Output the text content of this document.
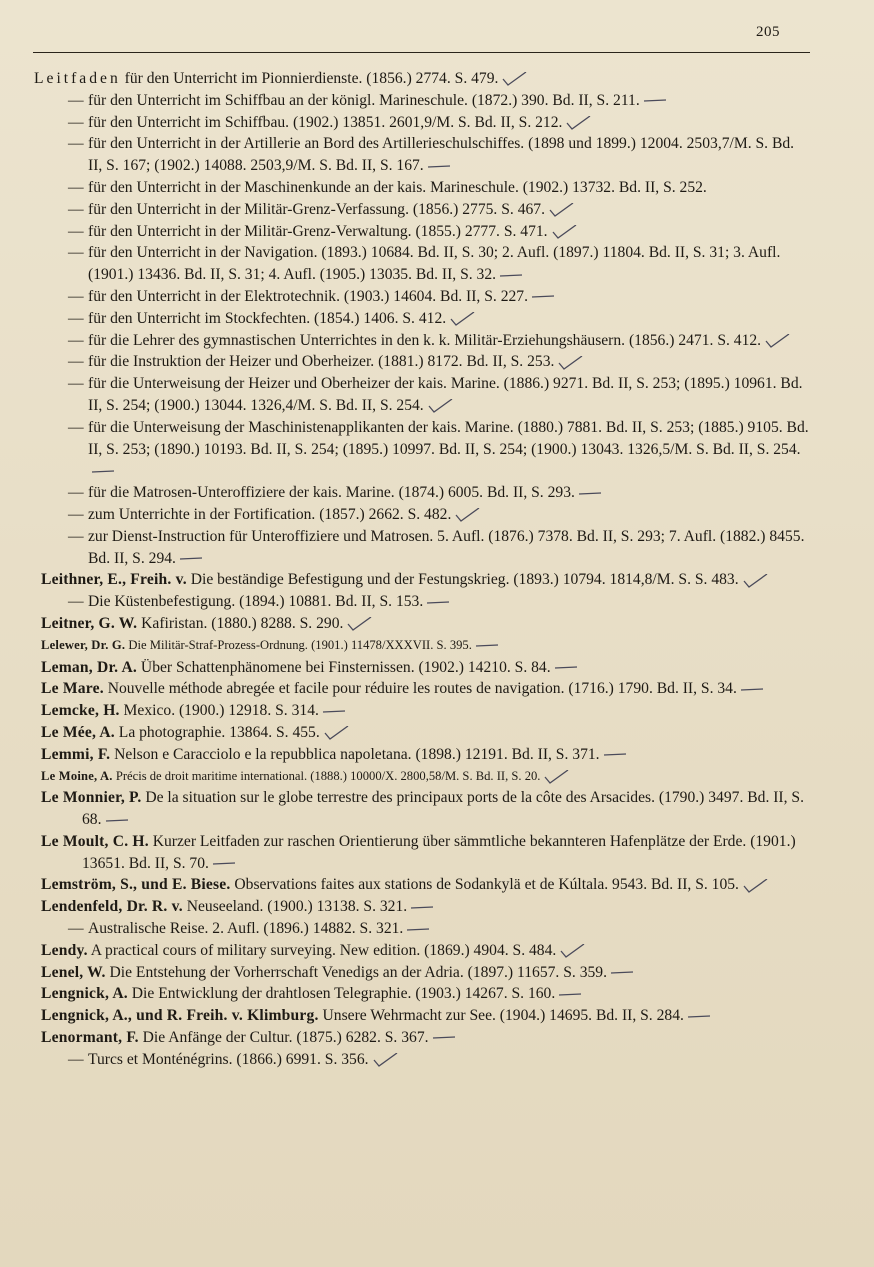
205
Leitfaden für den Unterricht im Pionnierdienste. (1856.) 2774. S. 479.
— für den Unterricht im Schiffbau an der königl. Marineschule. (1872.) 390. Bd. II, S. 211.
— für den Unterricht im Schiffbau. (1902.) 13851. 2601,9/M. S. Bd. II, S. 212.
— für den Unterricht in der Artillerie an Bord des Artillerieschulschiffes. (1898 und 1899.) 12004. 2503,7/M. S. Bd. II, S. 167; (1902.) 14088. 2503,9/M. S. Bd. II, S. 167.
— für den Unterricht in der Maschinenkunde an der kais. Marineschule. (1902.) 13732. Bd. II, S. 252.
— für den Unterricht in der Militär-Grenz-Verfassung. (1856.) 2775. S. 467.
— für den Unterricht in der Militär-Grenz-Verwaltung. (1855.) 2777. S. 471.
— für den Unterricht in der Navigation. (1893.) 10684. Bd. II, S. 30; 2. Aufl. (1897.) 11804. Bd. II, S. 31; 3. Aufl. (1901.) 13436. Bd. II, S. 31; 4. Aufl. (1905.) 13035. Bd. II, S. 32.
— für den Unterricht in der Elektrotechnik. (1903.) 14604. Bd. II, S. 227.
— für den Unterricht im Stockfechten. (1854.) 1406. S. 412.
— für die Lehrer des gymnastischen Unterrichtes in den k. k. Militär-Erziehungshäusern. (1856.) 2471. S. 412.
— für die Instruktion der Heizer und Oberheizer. (1881.) 8172. Bd. II, S. 253.
— für die Unterweisung der Heizer und Oberheizer der kais. Marine. (1886.) 9271. Bd. II, S. 253; (1895.) 10961. Bd. II, S. 254; (1900.) 13044. 1326,4/M. S. Bd. II, S. 254.
— für die Unterweisung der Maschinistenapplikanten der kais. Marine. (1880.) 7881. Bd. II, S. 253; (1885.) 9105. Bd. II, S. 253; (1890.) 10193. Bd. II, S. 254; (1895.) 10997. Bd. II, S. 254; (1900.) 13043. 1326,5/M. S. Bd. II, S. 254.
— für die Matrosen-Unteroffiziere der kais. Marine. (1874.) 6005. Bd. II, S. 293.
— zum Unterrichte in der Fortification. (1857.) 2662. S. 482.
— zur Dienst-Instruction für Unteroffiziere und Matrosen. 5. Aufl. (1876.) 7378. Bd. II, S. 293; 7. Aufl. (1882.) 8455. Bd. II, S. 294.
Leithner, E., Freih. v. Die beständige Befestigung und der Festungskrieg. (1893.) 10794. 1814,8/M. S. S. 483.
— Die Küstenbefestigung. (1894.) 10881. Bd. II, S. 153.
Leitner, G. W. Kafiristan. (1880.) 8288. S. 290.
Lelewer, Dr. G. Die Militär-Straf-Prozess-Ordnung. (1901.) 11478/XXXVII. S. 395.
Leman, Dr. A. Über Schattenphänomene bei Finsternissen. (1902.) 14210. S. 84.
Le Mare. Nouvelle méthode abregée et facile pour réduire les routes de navigation. (1716.) 1790. Bd. II, S. 34.
Lemcke, H. Mexico. (1900.) 12918. S. 314.
Le Mée, A. La photographie. 13864. S. 455.
Lemmi, F. Nelson e Caracciolo e la repubblica napoletana. (1898.) 12191. Bd. II, S. 371.
Le Moine, A. Précis de droit maritime international. (1888.) 10000/X. 2800,58/M. S. Bd. II, S. 20.
Le Monnier, P. De la situation sur le globe terrestre des principaux ports de la côte des Arsacides. (1790.) 3497. Bd. II, S. 68.
Le Moult, C. H. Kurzer Leitfaden zur raschen Orientierung über sämmtliche bekannteren Hafenplätze der Erde. (1901.) 13651. Bd. II, S. 70.
Lemström, S., und E. Biese. Observations faites aux stations de Sodankylä et de Kúltala. 9543. Bd. II, S. 105.
Lendenfeld, Dr. R. v. Neuseeland. (1900.) 13138. S. 321.
— Australische Reise. 2. Aufl. (1896.) 14882. S. 321.
Lendy. A practical cours of military surveying. New edition. (1869.) 4904. S. 484.
Lenel, W. Die Entstehung der Vorherrschaft Venedigs an der Adria. (1897.) 11657. S. 359.
Lengnick, A. Die Entwicklung der drahtlosen Telegraphie. (1903.) 14267. S. 160.
Lengnick, A., und R. Freih. v. Klimburg. Unsere Wehrmacht zur See. (1904.) 14695. Bd. II, S. 284.
Lenormant, F. Die Anfänge der Cultur. (1875.) 6282. S. 367.
— Turcs et Monténégrins. (1866.) 6991. S. 356.
